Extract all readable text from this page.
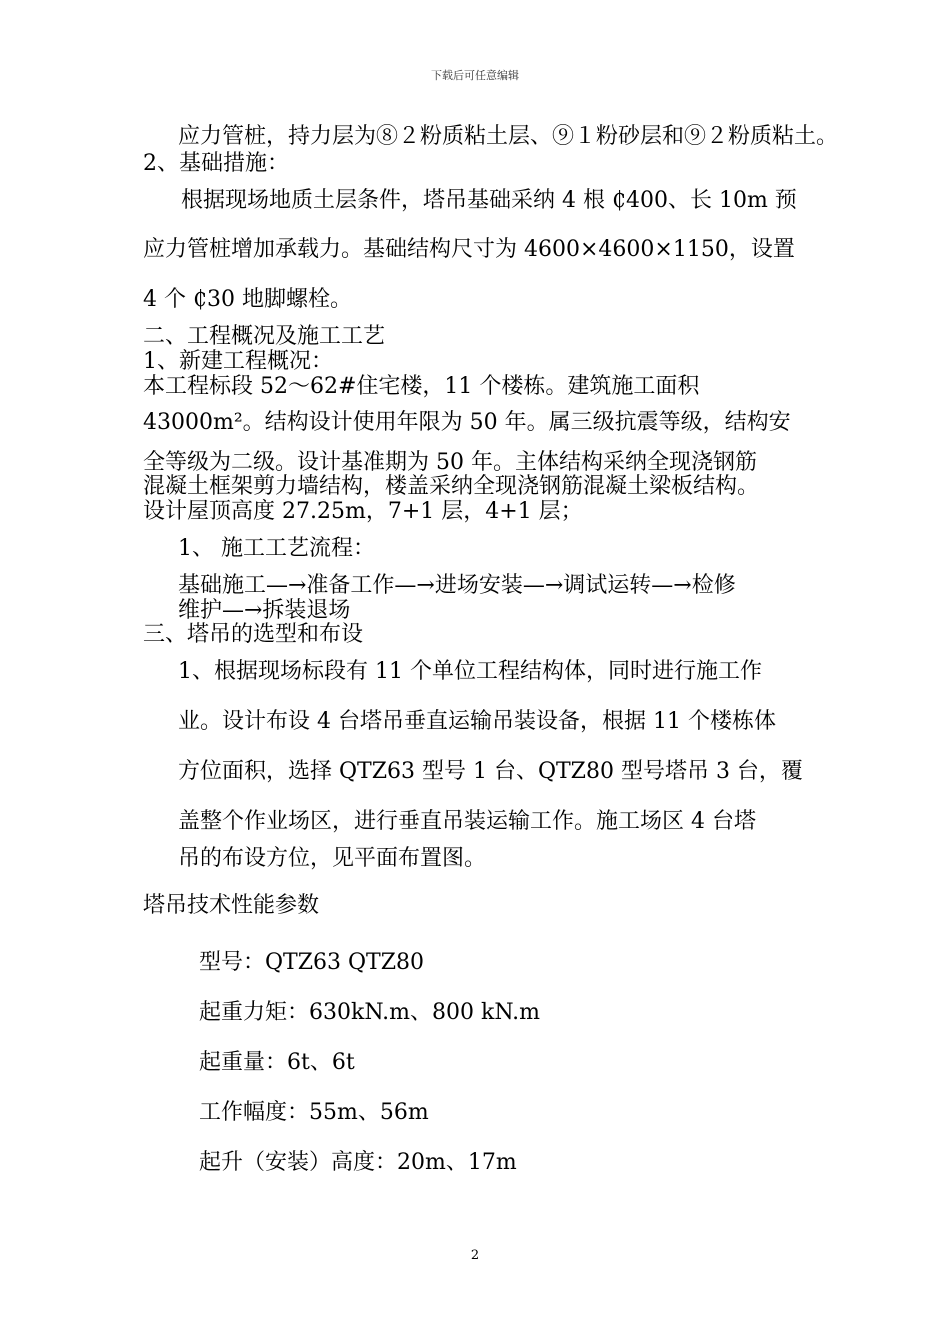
下载后可任意编辑
应力管桩，持力层为⑧２粉质粘土层、⑨１粉砂层和⑨２粉质粘土。
2、基础措施：
根据现场地质土层条件，塔吊基础采纳 4 根 ₵400、长 10m 预
应力管桩增加承载力。基础结构尺寸为 4600×4600×1150，设置
4 个 ₵30 地脚螺栓。
二、工程概况及施工工艺
1、新建工程概况：
本工程标段 52～62#住宅楼，11 个楼栋。建筑施工面积
43000m²。结构设计使用年限为 50 年。属三级抗震等级，结构安
全等级为二级。设计基准期为 50 年。主体结构采纳全现浇钢筋
混凝土框架剪力墙结构，楼盖采纳全现浇钢筋混凝土梁板结构。
设计屋顶高度 27.25m，7+1 层，4+1 层；
1、 施工工艺流程：
基础施工—→准备工作—→进场安装—→调试运转—→检修
维护—→拆装退场
三、塔吊的选型和布设
1、根据现场标段有 11 个单位工程结构体，同时进行施工作
业。设计布设 4 台塔吊垂直运输吊装设备，根据 11 个楼栋体
方位面积，选择 QTZ63 型号 1 台、QTZ80 型号塔吊 3 台，覆
盖整个作业场区，进行垂直吊装运输工作。施工场区 4 台塔
吊的布设方位，见平面布置图。
塔吊技术性能参数
型号：QTZ63 QTZ80
起重力矩：630kN.m、800 kN.m
起重量：6t、6t
工作幅度：55m、56m
起升（安装）高度：20m、17m
2
